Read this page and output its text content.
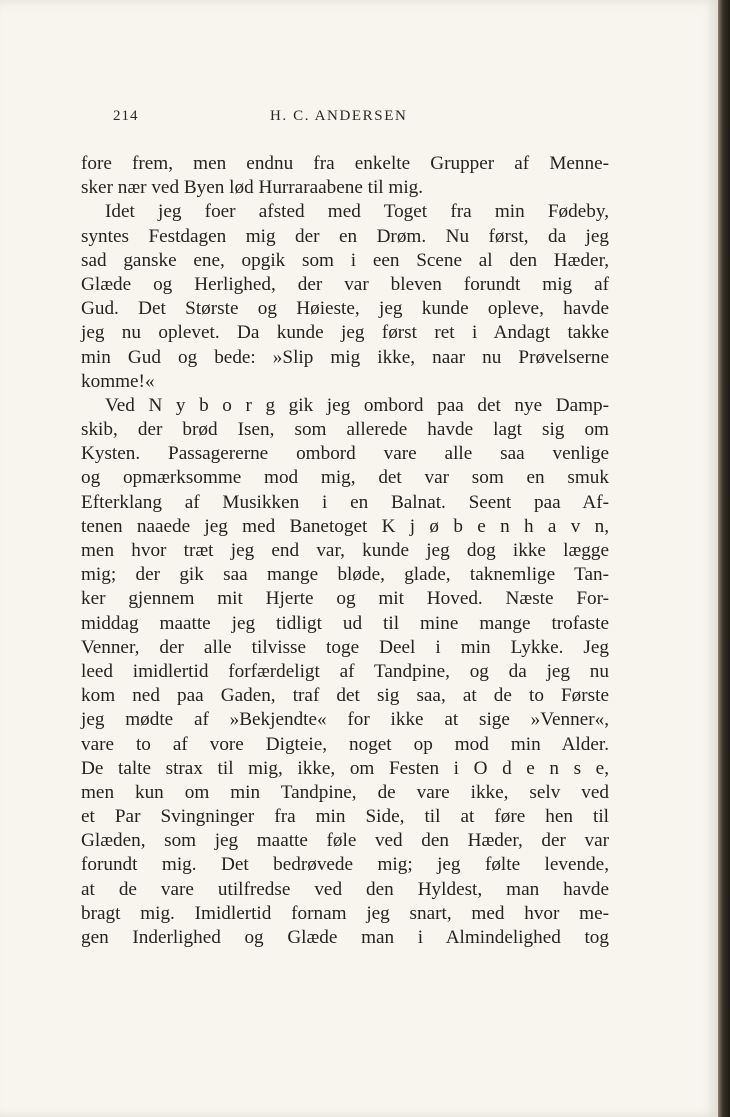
214	H. C. ANDERSEN
fore frem, men endnu fra enkelte Grupper af Menne-
sker nær ved Byen lød Hurraraabene til mig.
Idet jeg foer afsted med Toget fra min Fødeby,
syntes Festdagen mig der en Drøm. Nu først, da jeg
sad ganske ene, opgik som i een Scene al den Hæder,
Glæde og Herlighed, der var bleven forundt mig af
Gud. Det Største og Høieste, jeg kunde opleve, havde
jeg nu oplevet. Da kunde jeg først ret i Andagt takke
min Gud og bede: »Slip mig ikke, naar nu Prøvelserne
komme!«
Ved N y b o r g gik jeg ombord paa det nye Damp-
skib, der brød Isen, som allerede havde lagt sig om
Kysten. Passagererne ombord vare alle saa venlige
og opmærksomme mod mig, det var som en smuk
Efterklang af Musikken i en Balnat. Seent paa Af-
tenen naaede jeg med Banetoget K j ø b e n h a v n,
men hvor træt jeg end var, kunde jeg dog ikke lægge
mig; der gik saa mange bløde, glade, taknemlige Tan-
ker gjennem mit Hjerte og mit Hoved. Næste For-
middag maatte jeg tidligt ud til mine mange trofaste
Venner, der alle tilvisse toge Deel i min Lykke. Jeg
leed imidlertid forfærdeligt af Tandpine, og da jeg nu
kom ned paa Gaden, traf det sig saa, at de to Første
jeg mødte af »Bekjendte« for ikke at sige »Venner«,
vare to af vore Digteie, noget op mod min Alder.
De talte strax til mig, ikke, om Festen i O d e n s e,
men kun om min Tandpine, de vare ikke, selv ved
et Par Svingninger fra min Side, til at føre hen til
Glæden, som jeg maatte føle ved den Hæder, der var
forundt mig. Det bedrøvede mig; jeg følte levende,
at de vare utilfredse ved den Hyldest, man havde
bragt mig. Imidlertid fornam jeg snart, med hvor me-
gen Inderlighed og Glæde man i Almindelighed tog
